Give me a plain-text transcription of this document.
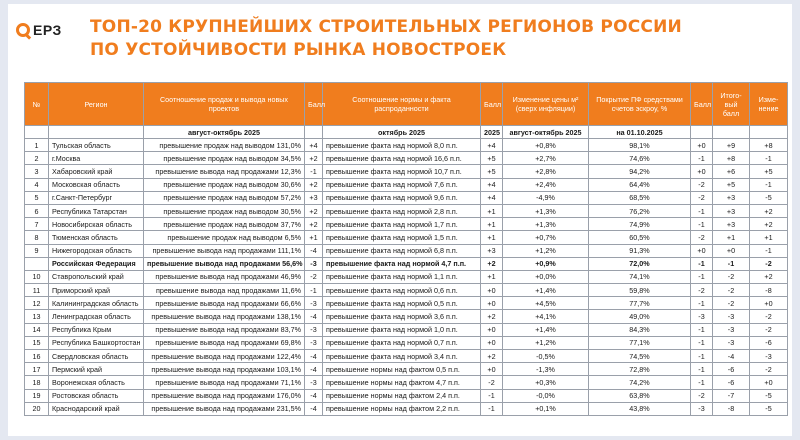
ЕРЗ ТОП-20 КРУПНЕЙШИХ СТРОИТЕЛЬНЫХ РЕГИОНОВ РОССИИ
ПО УСТОЙЧИВОСТИ РЫНКА НОВОСТРОЕК
№	Регион	Соотношение продаж и вывода новых проектов	Балл	Соотношение нормы и факта распроданности	Балл	Изменение цены м² (сверх инфляции)	Покрытие ПФ средствами счетов эскроу, %	Балл	Итого-вый балл	Изме-нение
		август-октябрь 2025		октябрь 2025	2025	август-октябрь 2025	на 01.10.2025			
1	Тульская область	превышение продаж над выводом 131,0%	+4	превышение факта над нормой 8,0 п.п.	+4	+0,8%	98,1%	+0	+9	+8
2	г.Москва	превышение продаж над выводом 34,5%	+2	превышение факта над нормой 16,6 п.п.	+5	+2,7%	74,6%	-1	+8	-1
3	Хабаровский край	превышение вывода над продажами 12,3%	-1	превышение факта над нормой 10,7 п.п.	+5	+2,8%	94,2%	+0	+6	+5
4	Московская область	превышение продаж над выводом 30,6%	+2	превышение факта над нормой 7,6 п.п.	+4	+2,4%	64,4%	-2	+5	-1
5	г.Санкт-Петербург	превышение продаж над выводом 57,2%	+3	превышение факта над нормой 9,6 п.п.	+4	-4,9%	68,5%	-2	+3	-5
6	Республика Татарстан	превышение продаж над выводом 30,5%	+2	превышение факта над нормой 2,8 п.п.	+1	+1,3%	76,2%	-1	+3	+2
7	Новосибирская область	превышение продаж над выводом 37,7%	+2	превышение факта над нормой 1,7 п.п.	+1	+1,3%	74,9%	-1	+3	+2
8	Тюменская область	превышение продаж над выводом 6,5%	+1	превышение факта над нормой 1,5 п.п.	+1	+0,7%	60,5%	-2	+1	+1
9	Нижегородская область	превышение вывода над продажами 111,1%	-4	превышение факта над нормой 6,8 п.п.	+3	+1,2%	91,3%	+0	+0	-1
	Российская Федерация	превышение вывода над продажами 56,6%	-3	превышение факта над нормой 4,7 п.п.	+2	+0,9%	72,0%	-1	-1	-2
10	Ставропольский край	превышение вывода над продажами 46,9%	-2	превышение факта над нормой 1,1 п.п.	+1	+0,0%	74,1%	-1	-2	+2
11	Приморский край	превышение вывода над продажами 11,6%	-1	превышение факта над нормой 0,6 п.п.	+0	+1,4%	59,8%	-2	-2	-8
12	Калининградская область	превышение вывода над продажами 66,6%	-3	превышение факта над нормой 0,5 п.п.	+0	+4,5%	77,7%	-1	-2	+0
13	Ленинградская область	превышение вывода над продажами 138,1%	-4	превышение факта над нормой 3,6 п.п.	+2	+4,1%	49,0%	-3	-3	-2
14	Республика Крым	превышение вывода над продажами 83,7%	-3	превышение факта над нормой 1,0 п.п.	+0	+1,4%	84,3%	-1	-3	-2
15	Республика Башкортостан	превышение вывода над продажами 69,8%	-3	превышение факта над нормой 0,7 п.п.	+0	+1,2%	77,1%	-1	-3	-6
16	Свердловская область	превышение вывода над продажами 122,4%	-4	превышение факта над нормой 3,4 п.п.	+2	-0,5%	74,5%	-1	-4	-3
17	Пермский край	превышение вывода над продажами 103,1%	-4	превышение нормы над фактом 0,5 п.п.	+0	-1,3%	72,8%	-1	-6	-2
18	Воронежская область	превышение вывода над продажами 71,1%	-3	превышение нормы над фактом 4,7 п.п.	-2	+0,3%	74,2%	-1	-6	+0
19	Ростовская область	превышение вывода над продажами 176,0%	-4	превышение нормы над фактом 2,4 п.п.	-1	-0,0%	63,8%	-2	-7	-5
20	Краснодарский край	превышение вывода над продажами 231,5%	-4	превышение нормы над фактом 2,2 п.п.	-1	+0,1%	43,8%	-3	-8	-5
